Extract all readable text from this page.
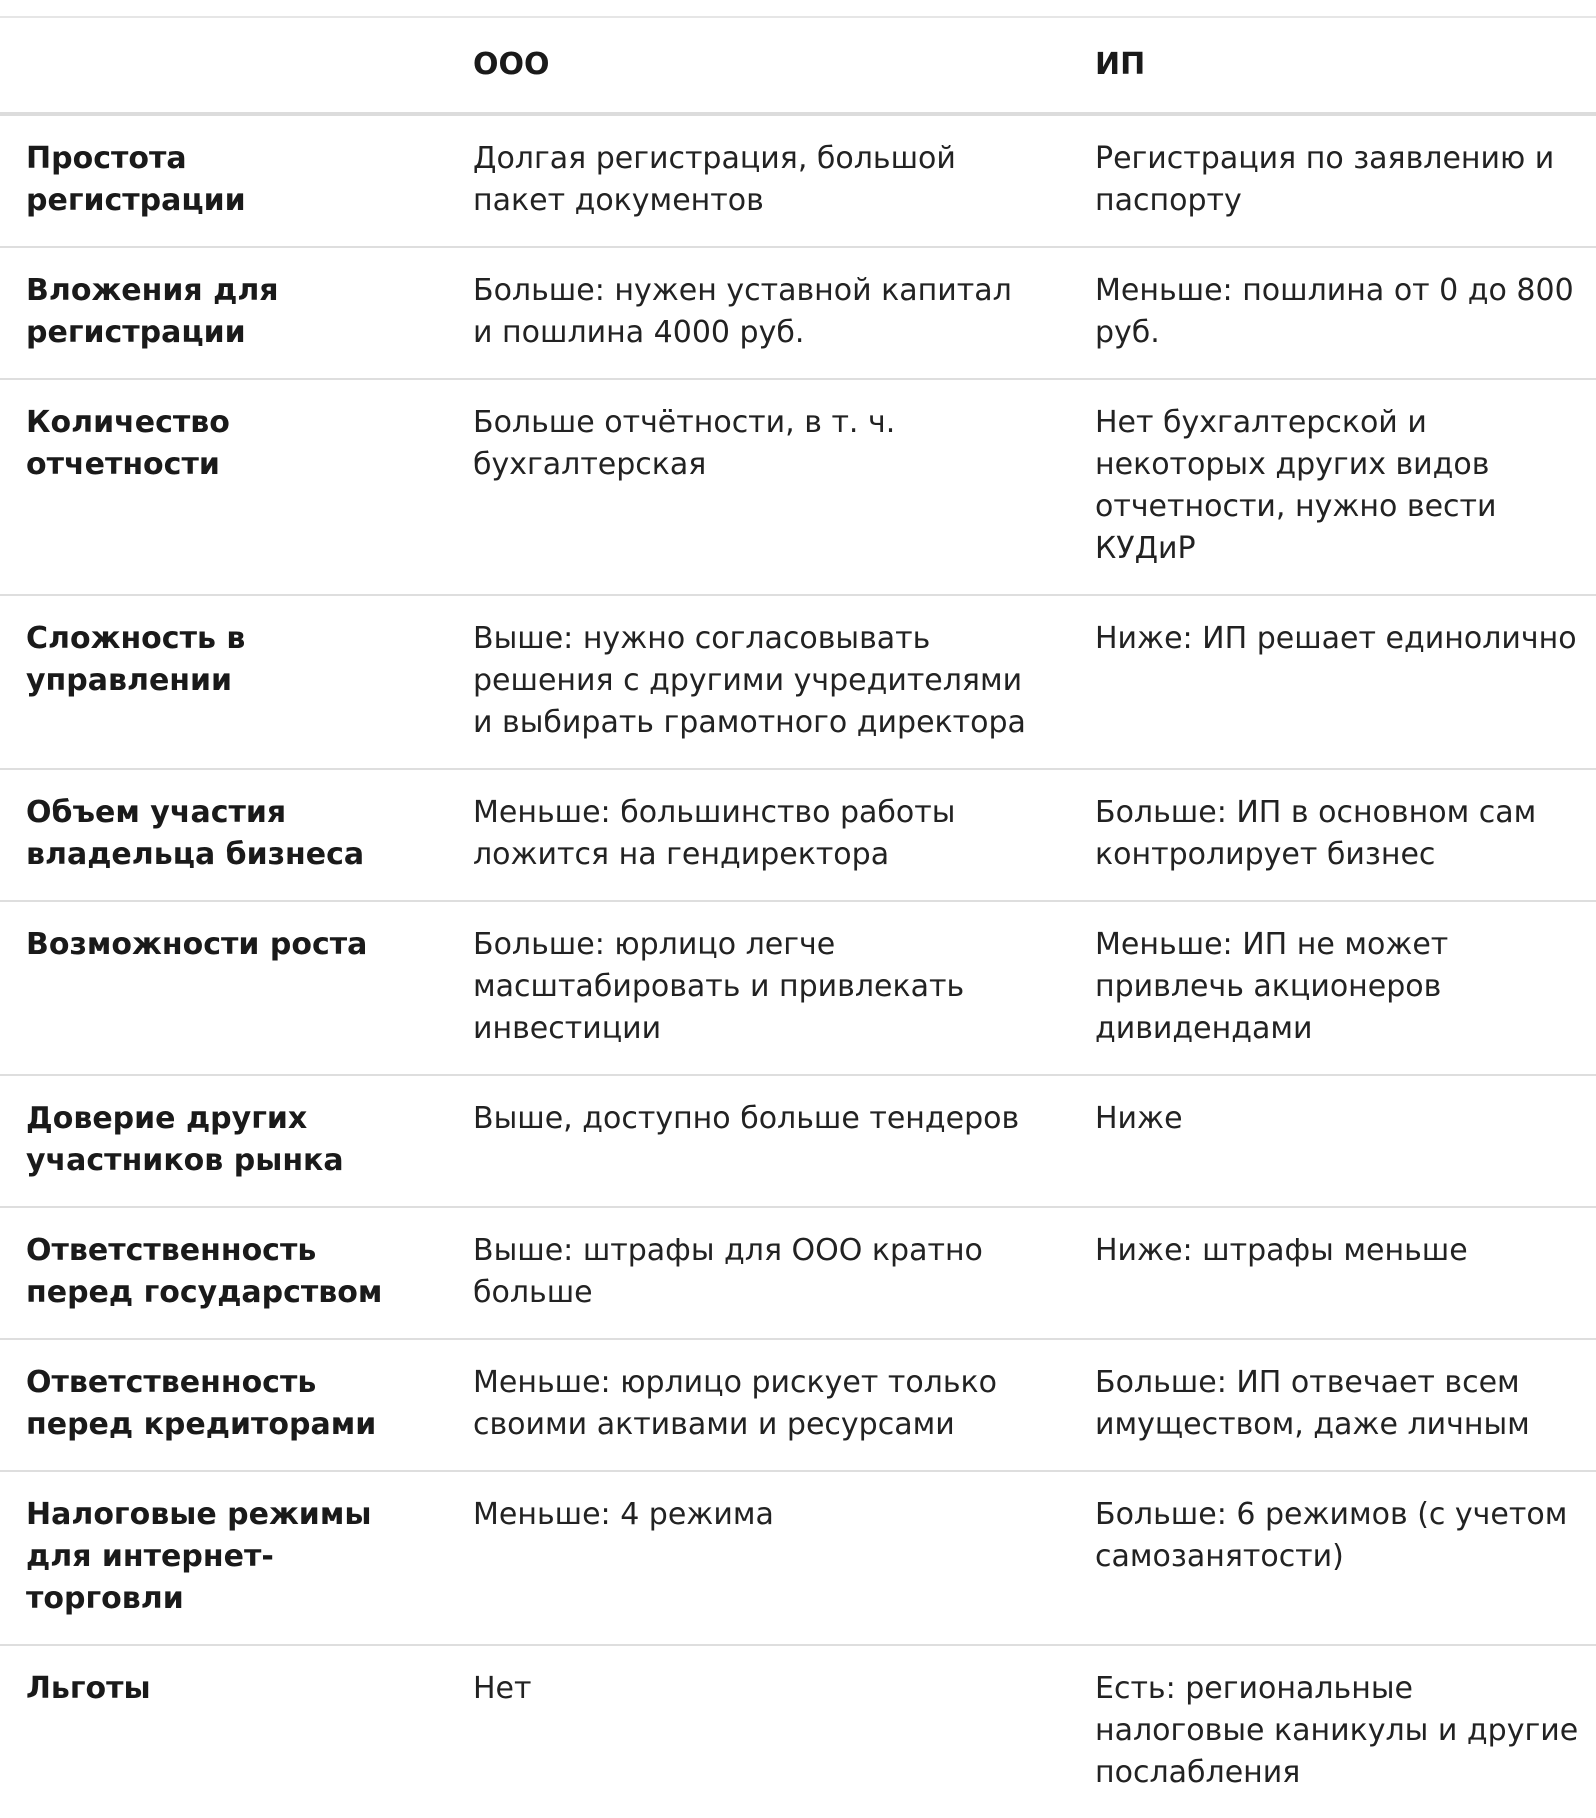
	ООО	ИП
Простота регистрации	Долгая регистрация, большой пакет документов	Регистрация по заявлению и паспорту
Вложения для регистрации	Больше: нужен уставной капитал и пошлина 4000 руб.	Меньше: пошлина от 0 до 800 руб.
Количество отчетности	Больше отчётности, в т. ч. бухгалтерская	Нет бухгалтерской и некоторых других видов отчетности, нужно вести КУДиР
Сложность в управлении	Выше: нужно согласовывать решения с другими учредителями и выбирать грамотного директора	Ниже: ИП решает единолично
Объем участия владельца бизнеса	Меньше: большинство работы ложится на гендиректора	Больше: ИП в основном сам контролирует бизнес
Возможности роста	Больше: юрлицо легче масштабировать и привлекать инвестиции	Меньше: ИП не может привлечь акционеров дивидендами
Доверие других участников рынка	Выше, доступно больше тендеров	Ниже
Ответственность перед государством	Выше: штрафы для ООО кратно больше	Ниже: штрафы меньше
Ответственность перед кредиторами	Меньше: юрлицо рискует только своими активами и ресурсами	Больше: ИП отвечает всем имуществом, даже личным
Налоговые режимы для интернет-торговли	Меньше: 4 режима	Больше: 6 режимов (с учетом самозанятости)
Льготы	Нет	Есть: региональные налоговые каникулы и другие послабления
